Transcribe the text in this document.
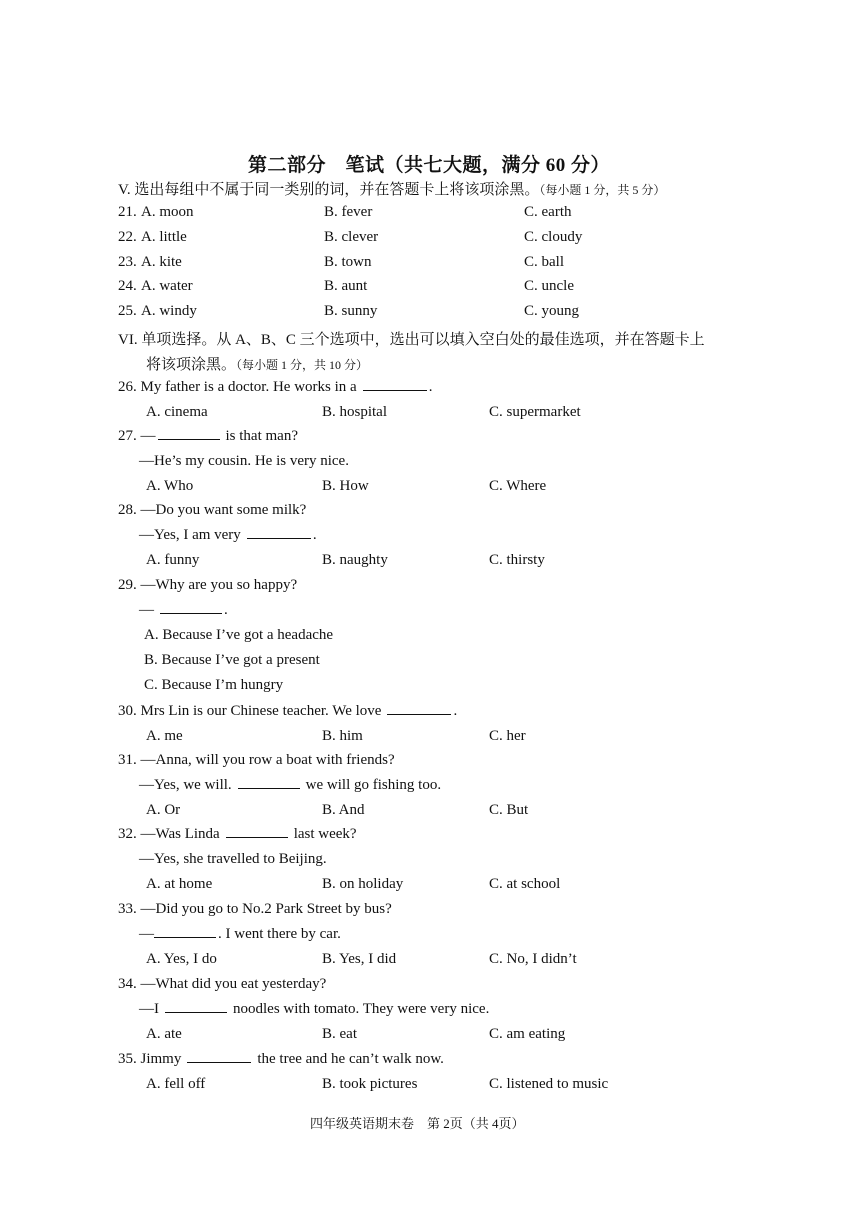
第二部分　笔试（共七大题，满分 60 分）
V. 选出每组中不属于同一类别的词，并在答题卡上将该项涂黑。（每小题 1 分，共 5 分）
21. A. moon	B. fever	C. earth
22. A. little	B. clever	C. cloudy
23. A. kite	B. town	C. ball
24. A. water	B. aunt	C. uncle
25. A. windy	B. sunny	C. young
VI. 单项选择。从 A、B、C 三个选项中，选出可以填入空白处的最佳选项，并在答题卡上
将该项涂黑。（每小题 1 分，共 10 分）
26. My father is a doctor. He works in a	.
A. cinema	B. hospital	C. supermarket
27. —	is that man?
—He’s my cousin. He is very nice.
A. Who	B. How	C. Where
28. —Do you want some milk?
—Yes, I am very	.
A. funny	B. naughty	C. thirsty
29. —Why are you so happy?
—	.
A. Because I’ve got a headache
B. Because I’ve got a present
C. Because I’m hungry
30. Mrs Lin is our Chinese teacher. We love	.
A. me	B. him	C. her
31. —Anna, will you row a boat with friends?
—Yes, we will.	we will go fishing too.
A. Or	B. And	C. But
32. —Was Linda	last week?
—Yes, she travelled to Beijing.
A. at home	B. on holiday	C. at school
33. —Did you go to No.2 Park Street by bus?
—	. I went there by car.
A. Yes, I do	B. Yes, I did	C. No, I didn’t
34. —What did you eat yesterday?
—I	noodles with tomato. They were very nice.
A. ate	B. eat	C. am eating
35. Jimmy	the tree and he can’t walk now.
A. fell off	B. took pictures	C. listened to music
四年级英语期末卷　第 2页（共 4页）
